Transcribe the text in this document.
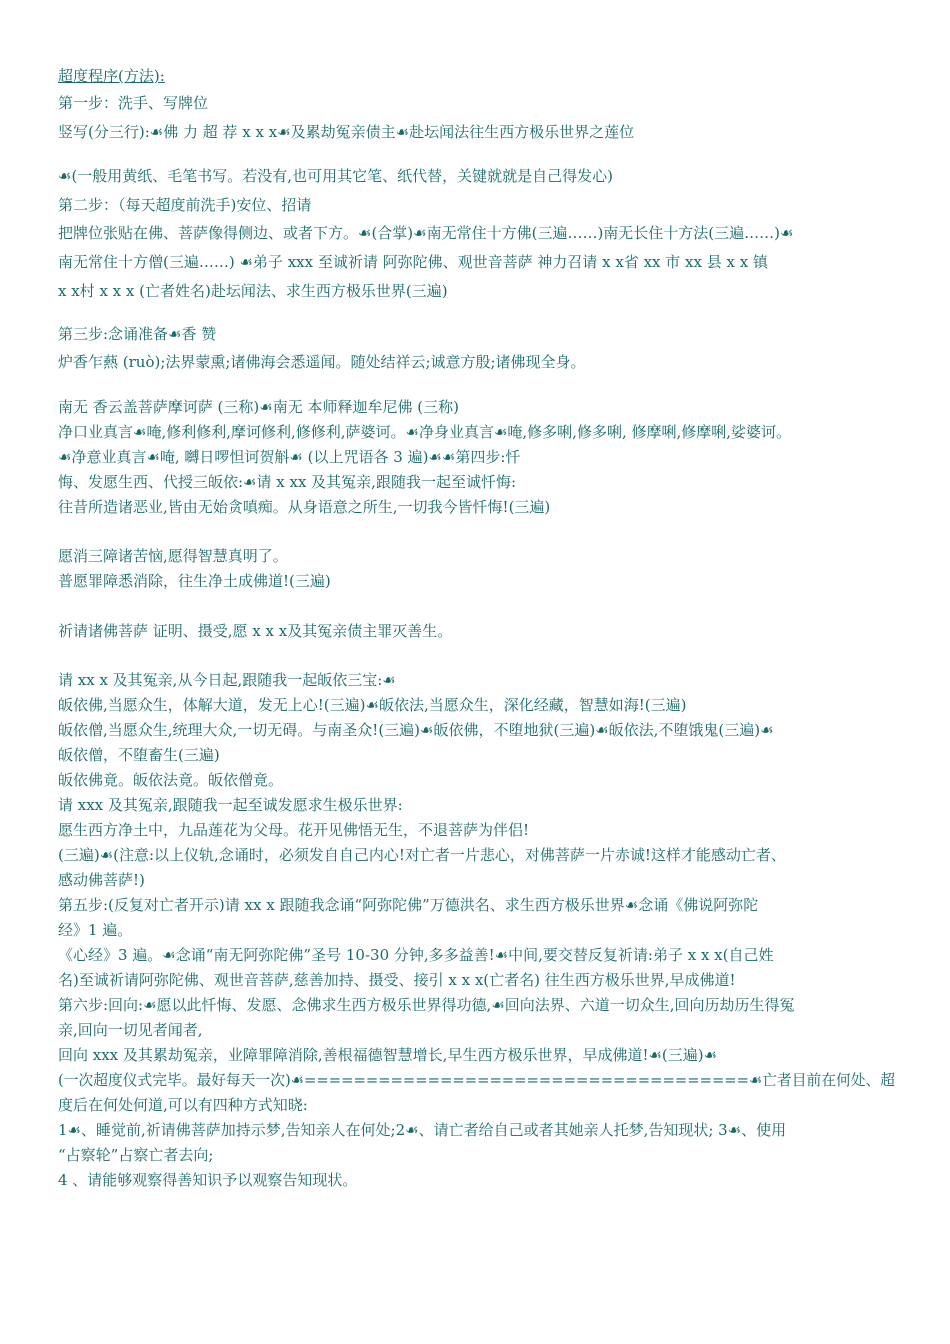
超度程序(方法):
第一步：洗手、写牌位
竖写(分三行):☙佛 力 超 荐 x x x☙及累劫冤亲债主☙赴坛闻法往生西方极乐世界之莲位
☙(一般用黄纸、毛笔书写。若没有,也可用其它笔、纸代替，关键就就是自己得发心)
第二步：（每天超度前洗手)安位、招请
把牌位张贴在佛、菩萨像得侧边、或者下方。☙(合掌)☙南无常住十方佛(三遍……)南无长住十方法(三遍……)☙
南无常住十方僧(三遍……) ☙弟子 xxx 至诚祈请 阿弥陀佛、观世音菩萨 神力召请 x x省 xx 市 xx 县 x x 镇
x x村 x x x (亡者姓名)赴坛闻法、求生西方极乐世界(三遍)
第三步:念诵准备☙香 赞
炉香乍爇 (ruò);法界蒙熏;诸佛海会悉遥闻。随处结祥云;诚意方殷;诸佛现全身。
南无 香云盖菩萨摩诃萨 (三称)☙南无 本师释迦牟尼佛 (三称)
净口业真言☙唵,修利修利,摩诃修利,修修利,萨婆诃。☙净身业真言☙唵,修多唎,修多唎, 修摩唎,修摩唎,娑婆诃。
☙净意业真言☙唵, 嚩日啰怛诃贺斛☙ (以上咒语各 3 遍)☙☙第四步:忏
悔、发愿生西、代授三皈依:☙请 x xx 及其冤亲,跟随我一起至诚忏悔:
往昔所造诸恶业,皆由无始贪嗔痴。从身语意之所生,一切我今皆忏悔!(三遍)
愿消三障诸苦恼,愿得智慧真明了。
普愿罪障悉消除，往生净土成佛道!(三遍)
祈请诸佛菩萨 证明、摄受,愿 x x x及其冤亲债主罪灭善生。
请 xx x 及其冤亲,从今日起,跟随我一起皈依三宝:☙
皈依佛,当愿众生，体解大道，发无上心!(三遍)☙皈依法,当愿众生，深化经藏，智慧如海!(三遍)
皈依僧,当愿众生,统理大众,一切无碍。与南圣众!(三遍)☙皈依佛，不堕地狱(三遍)☙皈依法,不堕饿鬼(三遍)☙
皈依僧，不堕畜生(三遍)
皈依佛竟。皈依法竟。皈依僧竟。
请 xxx 及其冤亲,跟随我一起至诚发愿求生极乐世界:
愿生西方净土中，九品莲花为父母。花开见佛悟无生，不退菩萨为伴侣!
(三遍)☙(注意:以上仪轨,念诵时，必须发自自己内心!对亡者一片悲心，对佛菩萨一片赤诚!这样才能感动亡者、
感动佛菩萨!)
第五步:(反复对亡者开示)请 xx x 跟随我念诵“阿弥陀佛”万德洪名、求生西方极乐世界☙念诵《佛说阿弥陀
经》1 遍。
《心经》3 遍。☙念诵“南无阿弥陀佛”圣号 10-30 分钟,多多益善!☙中间,要交替反复祈请:弟子 x x x(自己姓
名)至诚祈请阿弥陀佛、观世音菩萨,慈善加持、摄受、接引 x x x(亡者名) 往生西方极乐世界,早成佛道!
第六步:回向:☙愿以此忏悔、发愿、念佛求生西方极乐世界得功德,☙回向法界、六道一切众生,回向历劫历生得冤
亲,回向一切见者闻者,
回向 xxx 及其累劫冤亲，业障罪障消除,善根福德智慧增长,早生西方极乐世界，早成佛道!☙(三遍)☙
(一次超度仪式完毕。最好每天一次)☙====================================☙亡者目前在何处、超
度后在何处何道,可以有四种方式知晓:
1☙、睡觉前,祈请佛菩萨加持示梦,告知亲人在何处;2☙、请亡者给自己或者其她亲人托梦,告知现状; 3☙、使用
“占察轮”占察亡者去向;
4 、请能够观察得善知识予以观察告知现状。
